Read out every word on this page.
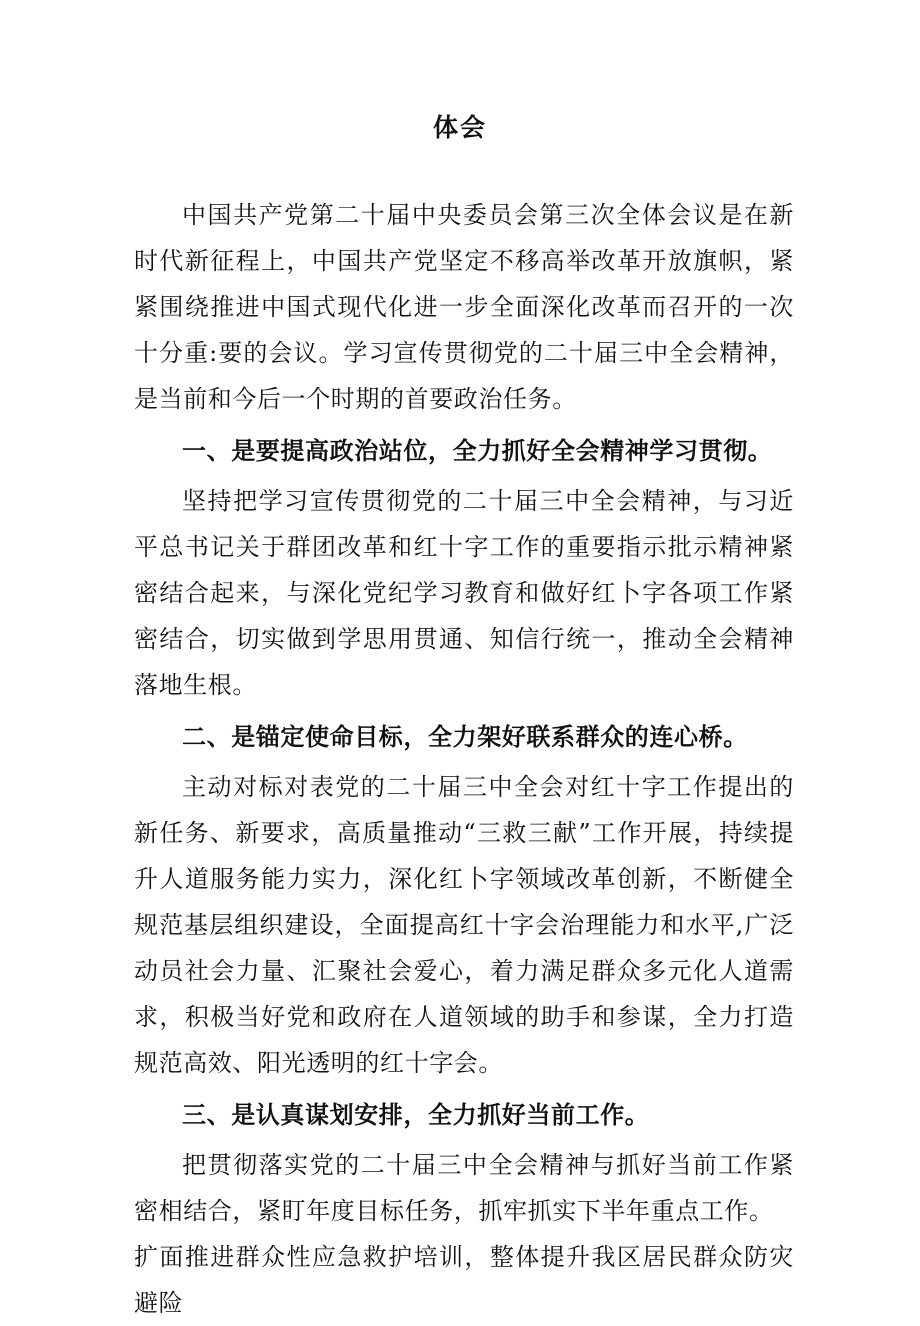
体会

中国共产党第二十届中央委员会第三次全体会议是在新时代新征程上，中国共产党坚定不移高举改革开放旗帜，紧紧围绕推进中国式现代化进一步全面深化改革而召开的一次十分重:要的会议。学习宣传贯彻党的二十届三中全会精神，是当前和今后一个时期的首要政治任务。

一、是要提高政治站位，全力抓好全会精神学习贯彻。

坚持把学习宣传贯彻党的二十届三中全会精神，与习近平总书记关于群团改革和红十字工作的重要指示批示精神紧密结合起来，与深化党纪学习教育和做好红卜字各项工作紧密结合，切实做到学思用贯通、知信行统一，推动全会精神落地生根。

二、是锚定使命目标，全力架好联系群众的连心桥。

主动对标对表党的二十届三中全会对红十字工作提出的新任务、新要求，高质量推动“三救三献”工作开展，持续提升人道服务能力实力，深化红卜字领域改革创新，不断健全规范基层组织建设，全面提高红十字会治理能力和水平,广泛动员社会力量、汇聚社会爱心，着力满足群众多元化人道需求，积极当好党和政府在人道领域的助手和参谋，全力打造规范高效、阳光透明的红十字会。

三、是认真谋划安排，全力抓好当前工作。

把贯彻落实党的二十届三中全会精神与抓好当前工作紧密相结合，紧盯年度目标任务，抓牢抓实下半年重点工作。

扩面推进群众性应急救护培训，整体提升我区居民群众防灾避险
